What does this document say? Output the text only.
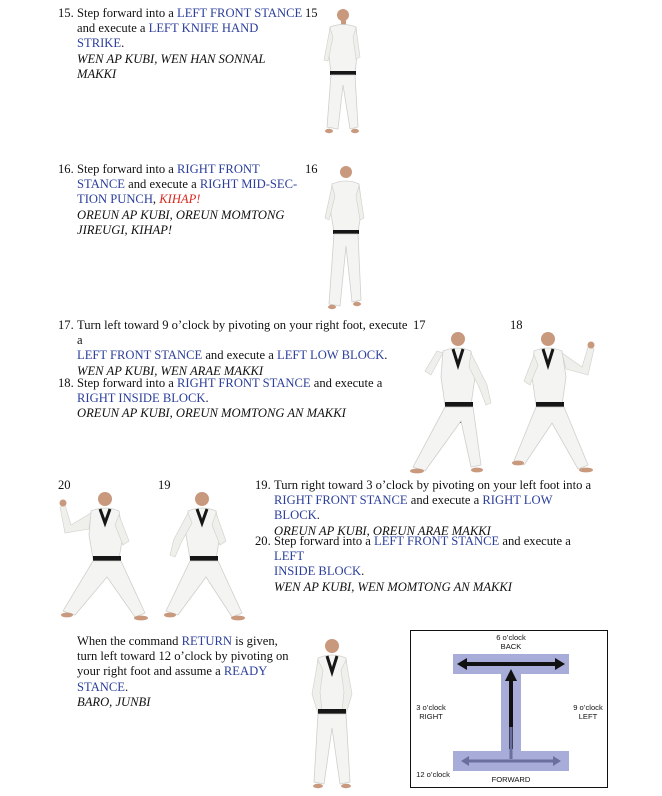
15. Step forward into a LEFT FRONT STANCE
and execute a LEFT KNIFE HAND STRIKE.
WEN AP KUBI, WEN HAN SONNAL MAKKI
16. Step forward into a RIGHT FRONT
STANCE and execute a RIGHT MID-SEC-
TION PUNCH, KIHAP!
OREUN AP KUBI, OREUN MOMTONG
JIREUGI, KIHAP!
17. Turn left toward 9 o’clock by pivoting on your right foot, execute a
LEFT FRONT STANCE and execute a LEFT LOW BLOCK.
WEN AP KUBI, WEN ARAE MAKKI
18. Step forward into a RIGHT FRONT STANCE and execute a
RIGHT INSIDE BLOCK.
OREUN AP KUBI, OREUN MOMTONG AN MAKKI
19. Turn right toward 3 o’clock by pivoting on your left foot into a
RIGHT FRONT STANCE and execute a RIGHT LOW BLOCK.
OREUN AP KUBI, OREUN ARAE MAKKI
20. Step forward into a LEFT FRONT STANCE and execute a LEFT
INSIDE BLOCK.
WEN AP KUBI, WEN MOMTONG AN MAKKI
When the command RETURN is given,
turn left toward 12 o’clock by pivoting on
your right foot and assume a READY
STANCE.
BARO, JUNBI
15
16
17	18
20	19
6 o’clock
BACK
3 o’clock
RIGHT
9 o’clock
LEFT
12 o’clock
FORWARD
